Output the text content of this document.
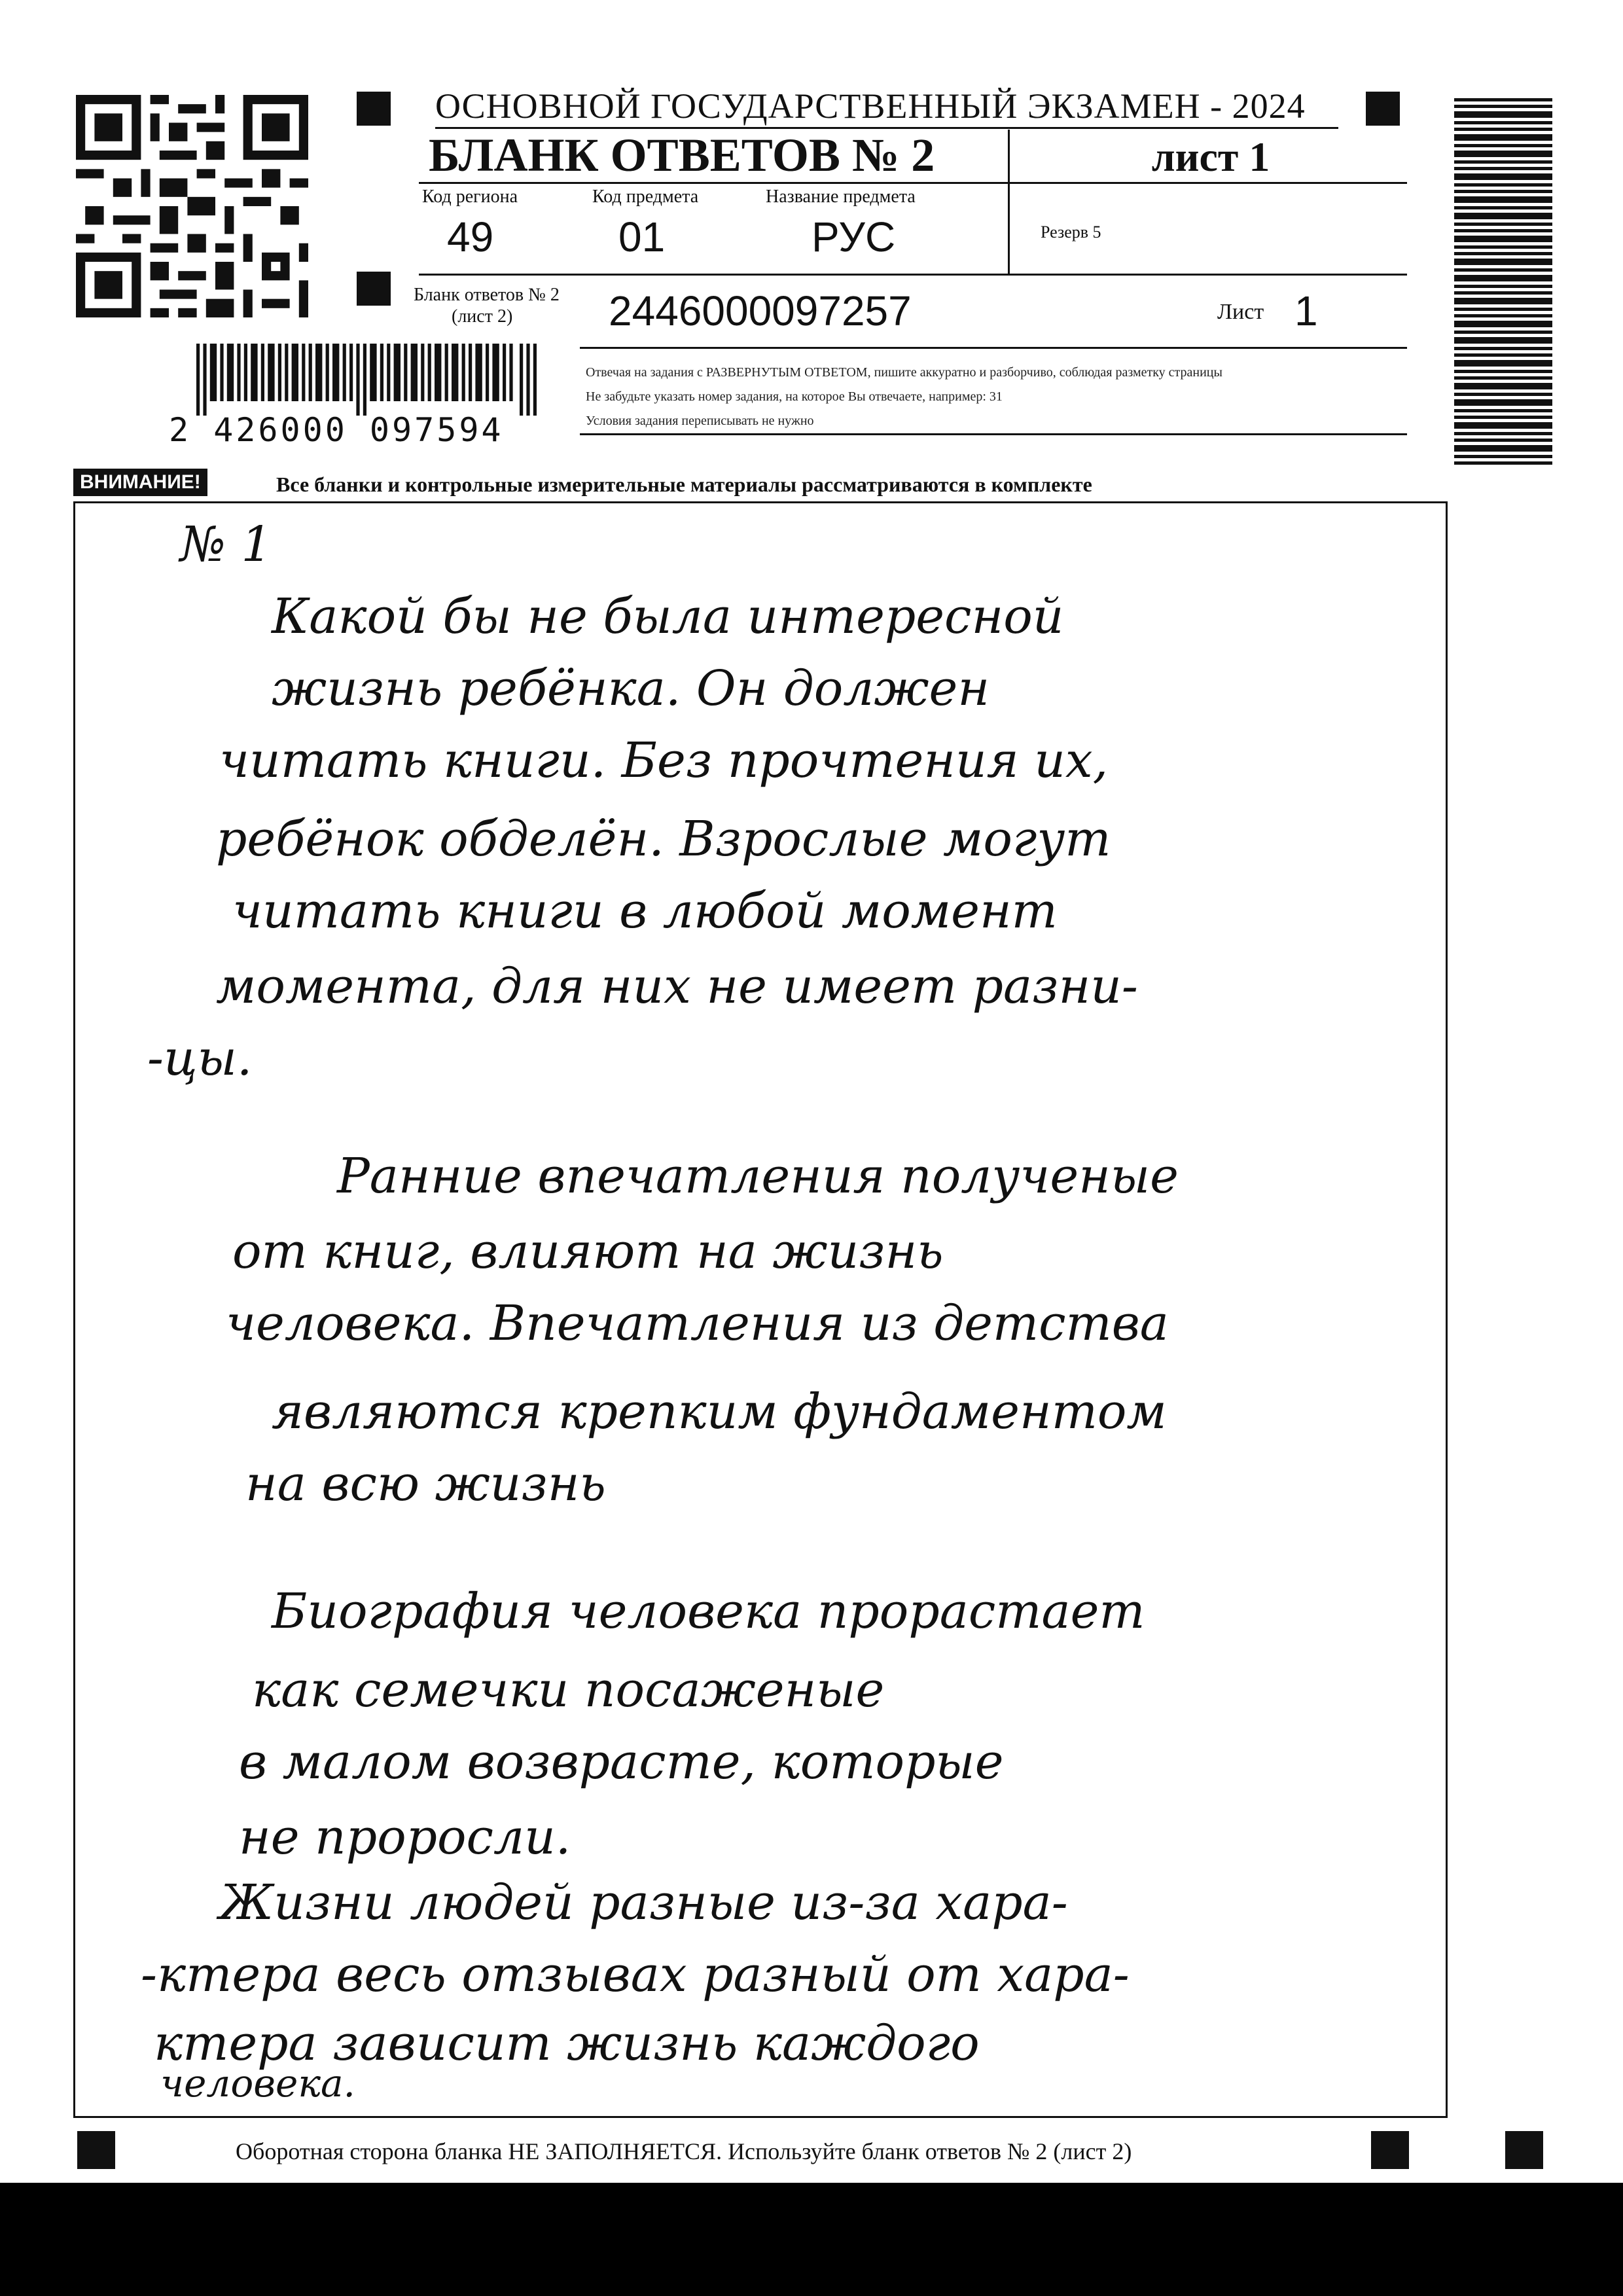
ОСНОВНОЙ ГОСУДАРСТВЕННЫЙ ЭКЗАМЕН - 2024
БЛАНК ОТВЕТОВ № 2	лист 1
Код региона
49
Код предмета
01
Название предмета
РУС	Резерв 5
Бланк ответов № 2
(лист 2) 2446000097257	Лист 1
Отвечая на задания с РАЗВЕРНУТЫМ ОТВЕТОМ, пишите аккуратно и разборчиво, соблюдая разметку страницы
Не забудьте указать номер задания, на которое Вы отвечаете, например: 31
Условия задания переписывать не нужно
2 426000 097594
ВНИМАНИЕ!	Все бланки и контрольные измерительные материалы рассматриваются в комплекте
№ 1
Какой бы не была интересной
жизнь ребёнка. Он должен
читать книги. Без прочтения их,
ребёнок обделён. Взрослые могут
читать книги в любой момент
момента, для них не имеет разни-
-цы.
Ранние впечатления полученые
от книг, влияют на жизнь
человека. Впечатления из детства
являются крепким фундаментом
на всю жизнь
Биография человека прорастает
как семечки посаженые
в малом возврасте, которые
не проросли.
Жизни людей разные из-за хара-
-ктера весь отзывах разный от хара-
ктера зависит жизнь каждого
человека.
Оборотная сторона бланка НЕ ЗАПОЛНЯЕТСЯ. Используйте бланк ответов № 2 (лист 2)
